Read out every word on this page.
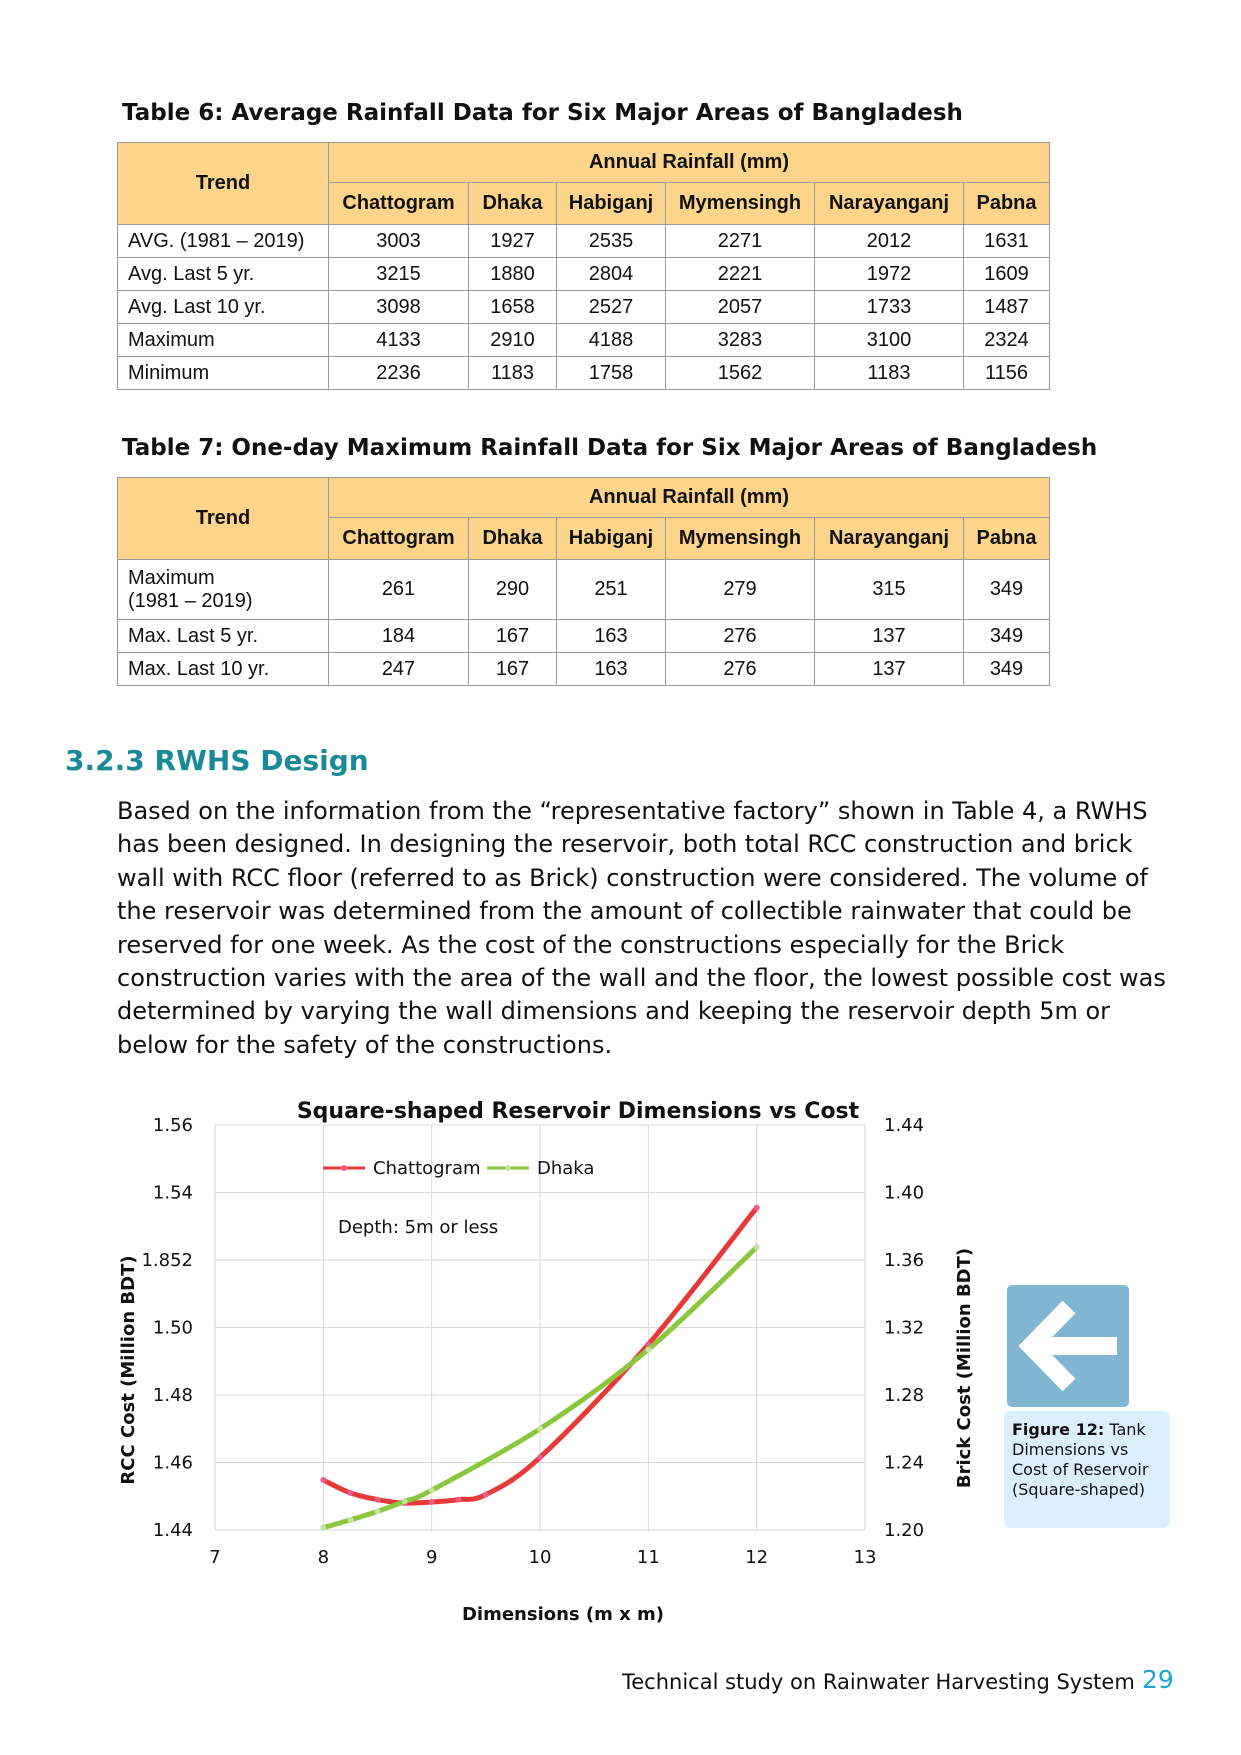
Table 6: Average Rainfall Data for Six Major Areas of Bangladesh
Trend	Annual Rainfall (mm)					
	Chattogram	Dhaka	Habiganj	Mymensingh	Narayanganj	Pabna
AVG. (1981 – 2019)	3003	1927	2535	2271	2012	1631
Avg. Last 5 yr.	3215	1880	2804	2221	1972	1609
Avg. Last 10 yr.	3098	1658	2527	2057	1733	1487
Maximum	4133	2910	4188	3283	3100	2324
Minimum	2236	1183	1758	1562	1183	1156
Table 7: One-day Maximum Rainfall Data for Six Major Areas of Bangladesh
Trend	Annual Rainfall (mm)					
	Chattogram	Dhaka	Habiganj	Mymensingh	Narayanganj	Pabna
Maximum
(1981 – 2019)	261	290	251	279	315	349
Max. Last 5 yr.	184	167	163	276	137	349
Max. Last 10 yr.	247	167	163	276	137	349
3.2.3 RWHS Design
Based on the information from the “representative factory” shown in Table 4, a RWHS has been designed. In designing the reservoir, both total RCC construction and brick wall with RCC floor (referred to as Brick) construction were considered. The volume of the reservoir was determined from the amount of collectible rainwater that could be reserved for one week. As the cost of the constructions especially for the Brick construction varies with the area of the wall and the floor, the lowest possible cost was determined by varying the wall dimensions and keeping the reservoir depth 5m or below for the safety of the constructions.
Square-shaped Reservoir Dimensions vs Cost
1.44	1.20
1.46	1.24
1.48	1.28
1.50	1.32
1.852	1.36
1.54	1.40
1.56	1.44
7	8	9	10	11	12	13
Dimensions (m x m)
RCC Cost (Million BDT)	Brick Cost (Million BDT)
Depth: 5m or less
Chattogram	Dhaka
Figure 12: Tank Dimensions vs Cost of Reservoir (Square-shaped)
Technical study on Rainwater Harvesting System 29
